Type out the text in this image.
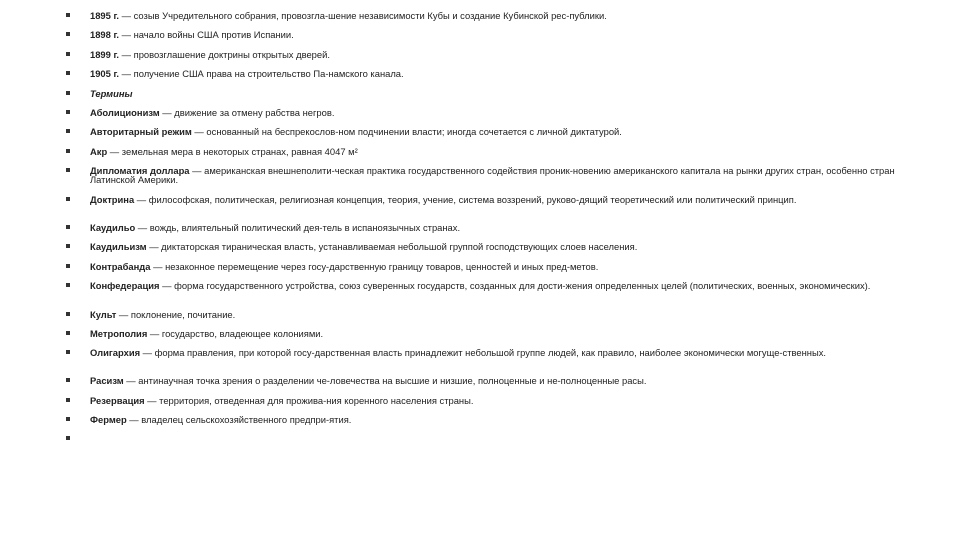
1895 г. — созыв Учредительного собрания, провозгла-шение независимости Кубы и создание Кубинской рес-публики.
1898 г. — начало войны США против Испании.
1899 г. — провозглашение доктрины открытых дверей.
1905 г. — получение США права на строительство Па-намского канала.
Термины
Аболиционизм — движение за отмену рабства негров.
Авторитарный режим — основанный на беспрекослов-ном подчинении власти; иногда сочетается с личной диктатурой.
Акр — земельная мера в некоторых странах, равная 4047 м²
Дипломатия доллара — американская внешнеполити-ческая практика государственного содействия проник-новению американского капитала на рынки других стран, особенно стран Латинской Америки.
Доктрина — философская, политическая, религиозная концепция, теория, учение, система воззрений, руково-дящий теоретический или политический принцип.
Каудильо — вождь, влиятельный политический дея-тель в испаноязычных странах.
Каудильизм — диктаторская тираническая власть, устанавливаемая небольшой группой господствующих слоев населения.
Контрабанда — незаконное перемещение через госу-дарственную границу товаров, ценностей и иных пред-метов.
Конфедерация — форма государственного устройства, союз суверенных государств, созданных для дости-жения определенных целей (политических, военных, экономических).
Культ — поклонение, почитание.
Метрополия — государство, владеющее колониями.
Олигархия — форма правления, при которой госу-дарственная власть принадлежит небольшой группе людей, как правило, наиболее экономически могуще-ственных.
Расизм — антинаучная точка зрения о разделении че-ловечества на высшие и низшие, полноценные и не-полноценные расы.
Резервация — территория, отведенная для прожива-ния коренного населения страны.
Фермер — владелец сельскохозяйственного предпри-ятия.
